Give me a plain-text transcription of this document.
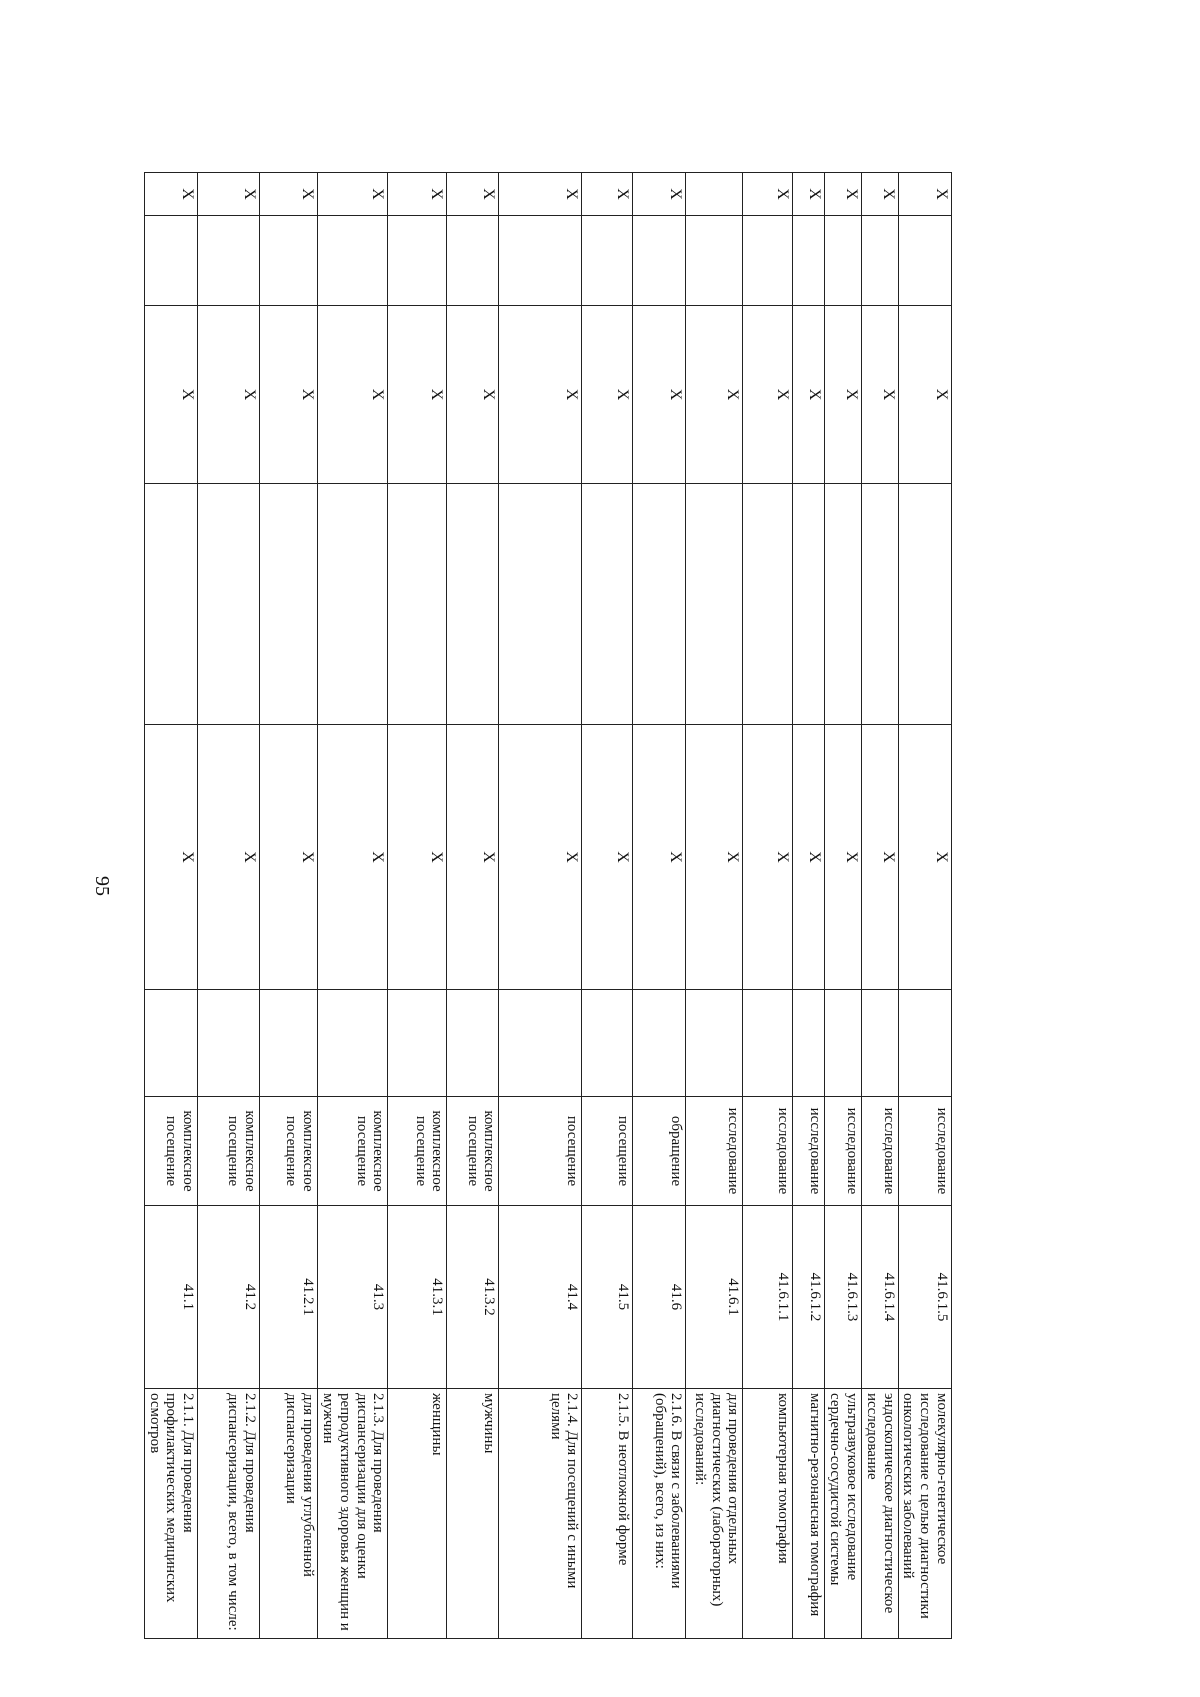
95
X		X		X		исследование	41.6.1.5	молекулярно-генетическое исследование с целью диагностики онкологических заболеваний
X		X		X		исследование	41.6.1.4	эндоскопическое диагностическое исследование
X		X		X		исследование	41.6.1.3	ультразвуковое исследование сердечно-сосудистой системы
X		X		X		исследование	41.6.1.2	магнитно-резонансная томография
X		X		X		исследование	41.6.1.1	компьютерная томография
		X		X		исследование	41.6.1	для проведения отдельных диагностических (лабораторных) исследований:
X		X		X		обращение	41.6	2.1.6. В связи с заболеваниями (обращений), всего, из них:
X		X		X		посещение	41.5	2.1.5. В неотложной форме
X		X		X		посещение	41.4	2.1.4. Для посещений с иными целями
X		X		X		комплексное посещение	41.3.2	мужчины
X		X		X		комплексное посещение	41.3.1	женщины
X		X		X		комплексное посещение	41.3	2.1.3. Для проведения диспансеризации для оценки репродуктивного здоровья женщин и мужчин
X		X		X		комплексное посещение	41.2.1	для проведения углубленной диспансеризации
X		X		X		комплексное посещение	41.2	2.1.2. Для проведения диспансеризации, всего, в том числе:
X		X		X		комплексное посещение	41.1	2.1.1. Для проведения профилактических медицинских осмотров
